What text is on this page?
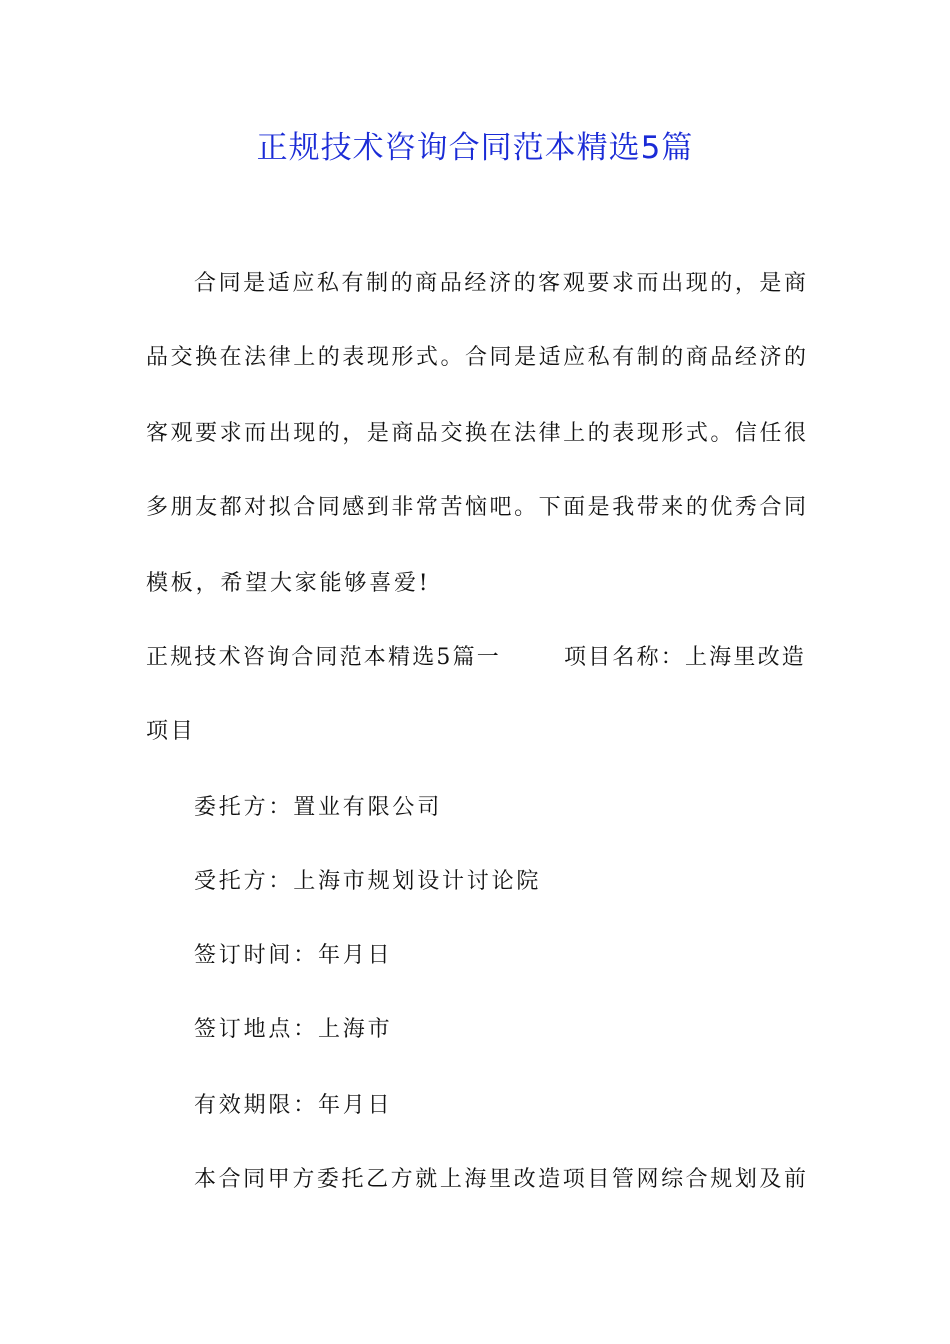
正规技术咨询合同范本精选5篇

合同是适应私有制的商品经济的客观要求而出现的，是商

品交换在法律上的表现形式。合同是适应私有制的商品经济的

客观要求而出现的，是商品交换在法律上的表现形式。信任很

多朋友都对拟合同感到非常苦恼吧。下面是我带来的优秀合同

模板，希望大家能够喜爱!

正规技术咨询合同范本精选5篇一	项目名称：上海里改造

项目

委托方：置业有限公司

受托方：上海市规划设计讨论院

签订时间：年月日

签订地点：上海市

有效期限：年月日

本合同甲方委托乙方就上海里改造项目管网综合规划及前
